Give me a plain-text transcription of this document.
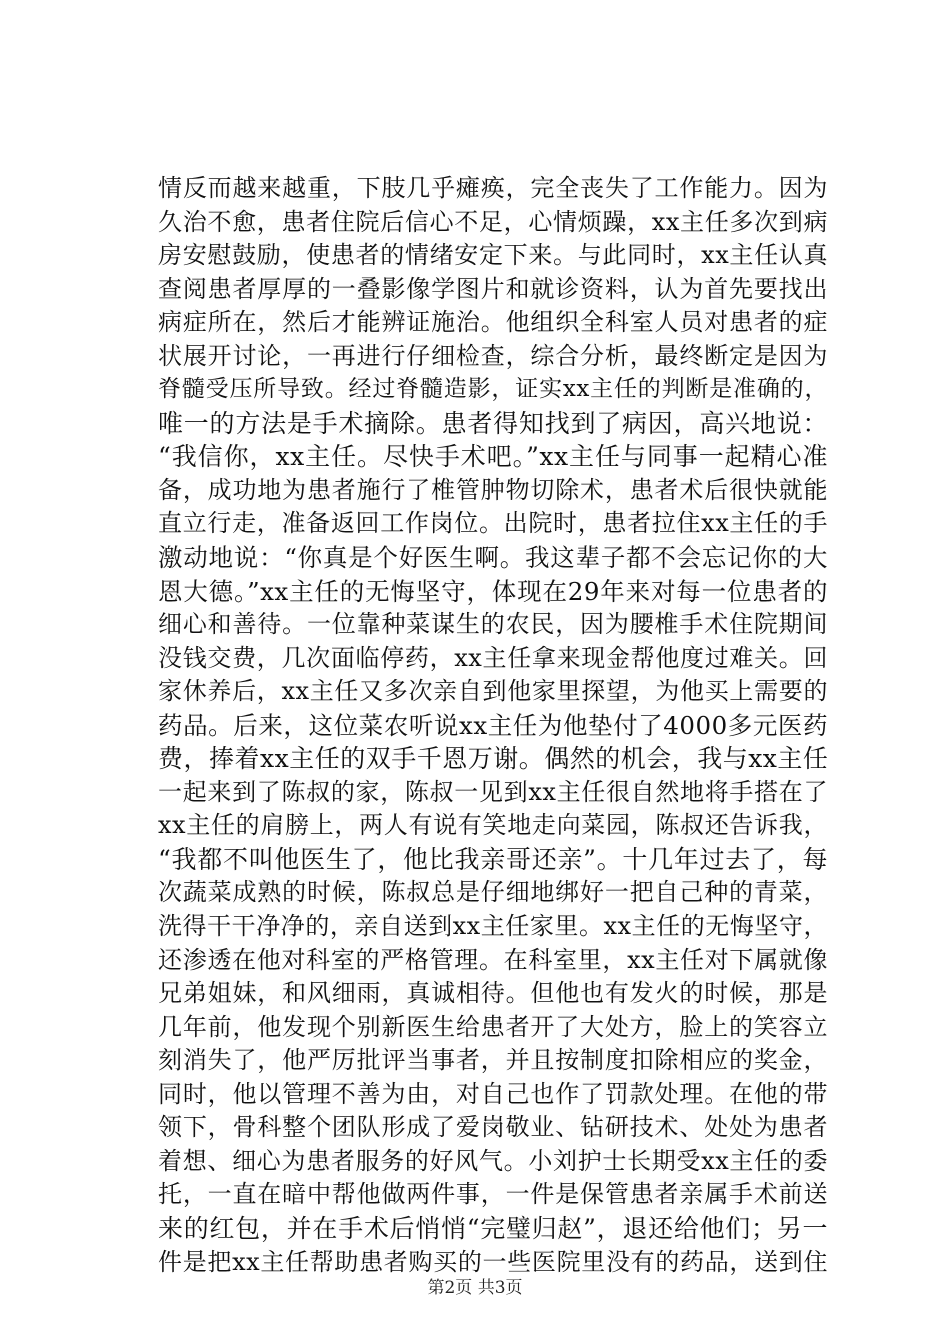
情反而越来越重，下肢几乎瘫痪，完全丧失了工作能力。因为
久治不愈，患者住院后信心不足，心情烦躁，xx主任多次到病
房安慰鼓励，使患者的情绪安定下来。与此同时，xx主任认真
查阅患者厚厚的一叠影像学图片和就诊资料，认为首先要找出
病症所在，然后才能辨证施治。他组织全科室人员对患者的症
状展开讨论，一再进行仔细检查，综合分析，最终断定是因为
脊髓受压所导致。经过脊髓造影，证实xx主任的判断是准确的，
唯一的方法是手术摘除。患者得知找到了病因，高兴地说：
“我信你，xx主任。尽快手术吧。”xx主任与同事一起精心准
备，成功地为患者施行了椎管肿物切除术，患者术后很快就能
直立行走，准备返回工作岗位。出院时，患者拉住xx主任的手
激动地说：“你真是个好医生啊。我这辈子都不会忘记你的大
恩大德。”xx主任的无悔坚守，体现在29年来对每一位患者的
细心和善待。一位靠种菜谋生的农民，因为腰椎手术住院期间
没钱交费，几次面临停药，xx主任拿来现金帮他度过难关。回
家休养后，xx主任又多次亲自到他家里探望，为他买上需要的
药品。后来，这位菜农听说xx主任为他垫付了4000多元医药
费，捧着xx主任的双手千恩万谢。偶然的机会，我与xx主任
一起来到了陈叔的家，陈叔一见到xx主任很自然地将手搭在了
xx主任的肩膀上，两人有说有笑地走向菜园，陈叔还告诉我，
“我都不叫他医生了，他比我亲哥还亲”。十几年过去了，每
次蔬菜成熟的时候，陈叔总是仔细地绑好一把自己种的青菜，
洗得干干净净的，亲自送到xx主任家里。xx主任的无悔坚守，
还渗透在他对科室的严格管理。在科室里，xx主任对下属就像
兄弟姐妹，和风细雨，真诚相待。但他也有发火的时候，那是
几年前，他发现个别新医生给患者开了大处方，脸上的笑容立
刻消失了，他严厉批评当事者，并且按制度扣除相应的奖金，
同时，他以管理不善为由，对自己也作了罚款处理。在他的带
领下，骨科整个团队形成了爱岗敬业、钻研技术、处处为患者
着想、细心为患者服务的好风气。小刘护士长期受xx主任的委
托，一直在暗中帮他做两件事，一件是保管患者亲属手术前送
来的红包，并在手术后悄悄“完璧归赵”，退还给他们；另一
件是把xx主任帮助患者购买的一些医院里没有的药品，送到住
第2页 共3页
